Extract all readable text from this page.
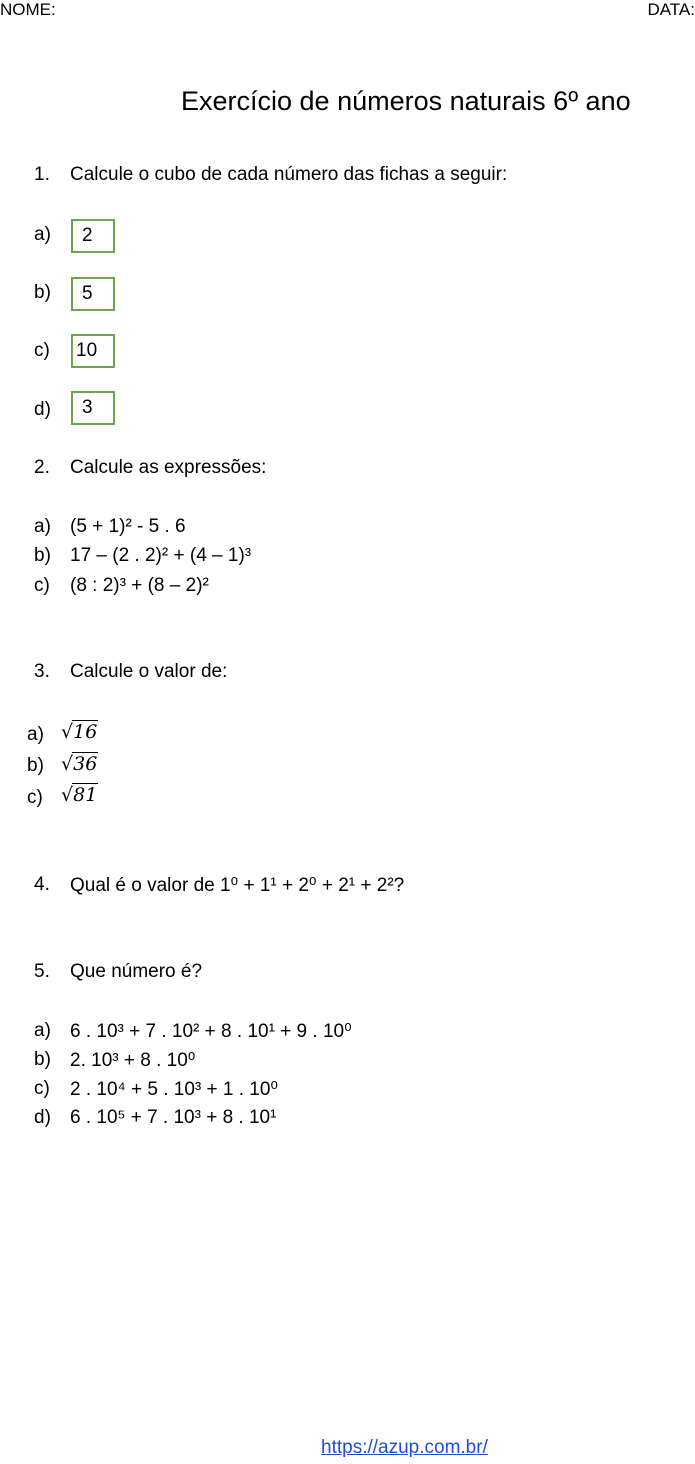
NOME:	DATA:
Exercício de números naturais 6º ano
1. Calcule o cubo de cada número das fichas a seguir:
a) 2
b) 5
c) 10
d) 3
2. Calcule as expressões:
a) (5 + 1)² - 5 . 6
b) 17 – (2 . 2)² + (4 – 1)³
c) (8 : 2)³ + (8 – 2)²
3. Calcule o valor de:
a) √16
b) √36
c) √81
4. Qual é o valor de 1⁰ + 1¹ + 2⁰ + 2¹ + 2²?
5. Que número é?
a) 6 . 10³ + 7 . 10² + 8 . 10¹ + 9 . 10⁰
b) 2. 10³ + 8 . 10⁰
c) 2 . 10⁴ + 5 . 10³ + 1 . 10⁰
d) 6 . 10⁵ + 7 . 10³ + 8 . 10¹
https://azup.com.br/
